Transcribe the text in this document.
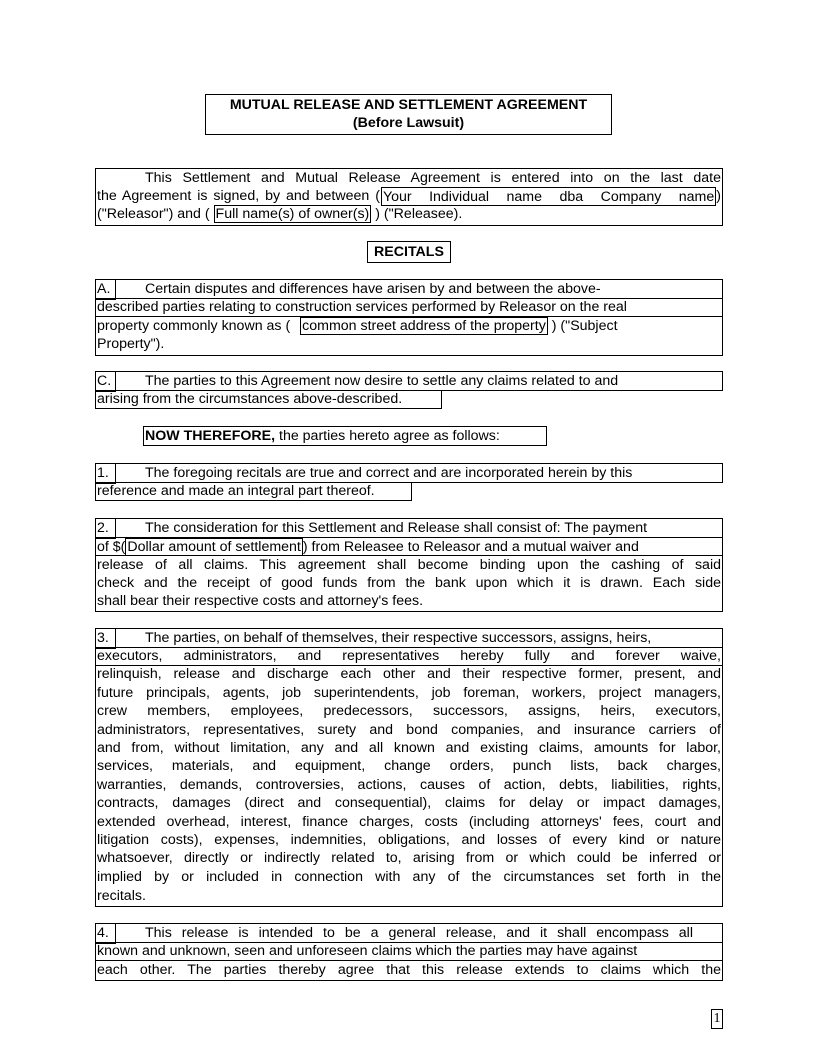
MUTUAL RELEASE AND SETTLEMENT AGREEMENT
(Before Lawsuit)
This Settlement and Mutual Release Agreement is entered into on the last date
the Agreement is signed, by and between ( Your Individual name dba Company name )
("Releasor") and ( Full name(s) of owner(s) ) ("Releasee).
RECITALS
A.	Certain disputes and differences have arisen by and between the above-
described parties relating to construction services performed by Releasor on the real
property commonly known as ( common street address of the property ) ("Subject
Property").
C.	The parties to this Agreement now desire to settle any claims related to and
arising from the circumstances above-described.
NOW THEREFORE, the parties hereto agree as follows:
1.	The foregoing recitals are true and correct and are incorporated herein by this
reference and made an integral part thereof.
2.	The consideration for this Settlement and Release shall consist of: The payment
of $( Dollar amount of settlement ) from Releasee to Releasor and a mutual waiver and
release of all claims. This agreement shall become binding upon the cashing of said
check and the receipt of good funds from the bank upon which it is drawn. Each side
shall bear their respective costs and attorney's fees.
3.	The parties, on behalf of themselves, their respective successors, assigns, heirs,
executors, administrators, and representatives hereby fully and forever waive,
relinquish, release and discharge each other and their respective former, present, and
future principals, agents, job superintendents, job foreman, workers, project managers,
crew members, employees, predecessors, successors, assigns, heirs, executors,
administrators, representatives, surety and bond companies, and insurance carriers of
and from, without limitation, any and all known and existing claims, amounts for labor,
services, materials, and equipment, change orders, punch lists, back charges,
warranties, demands, controversies, actions, causes of action, debts, liabilities, rights,
contracts, damages (direct and consequential), claims for delay or impact damages,
extended overhead, interest, finance charges, costs (including attorneys' fees, court and
litigation costs), expenses, indemnities, obligations, and losses of every kind or nature
whatsoever, directly or indirectly related to, arising from or which could be inferred or
implied by or included in connection with any of the circumstances set forth in the
recitals.
4.	This release is intended to be a general release, and it shall encompass all
known and unknown, seen and unforeseen claims which the parties may have against
each other. The parties thereby agree that this release extends to claims which the
1
